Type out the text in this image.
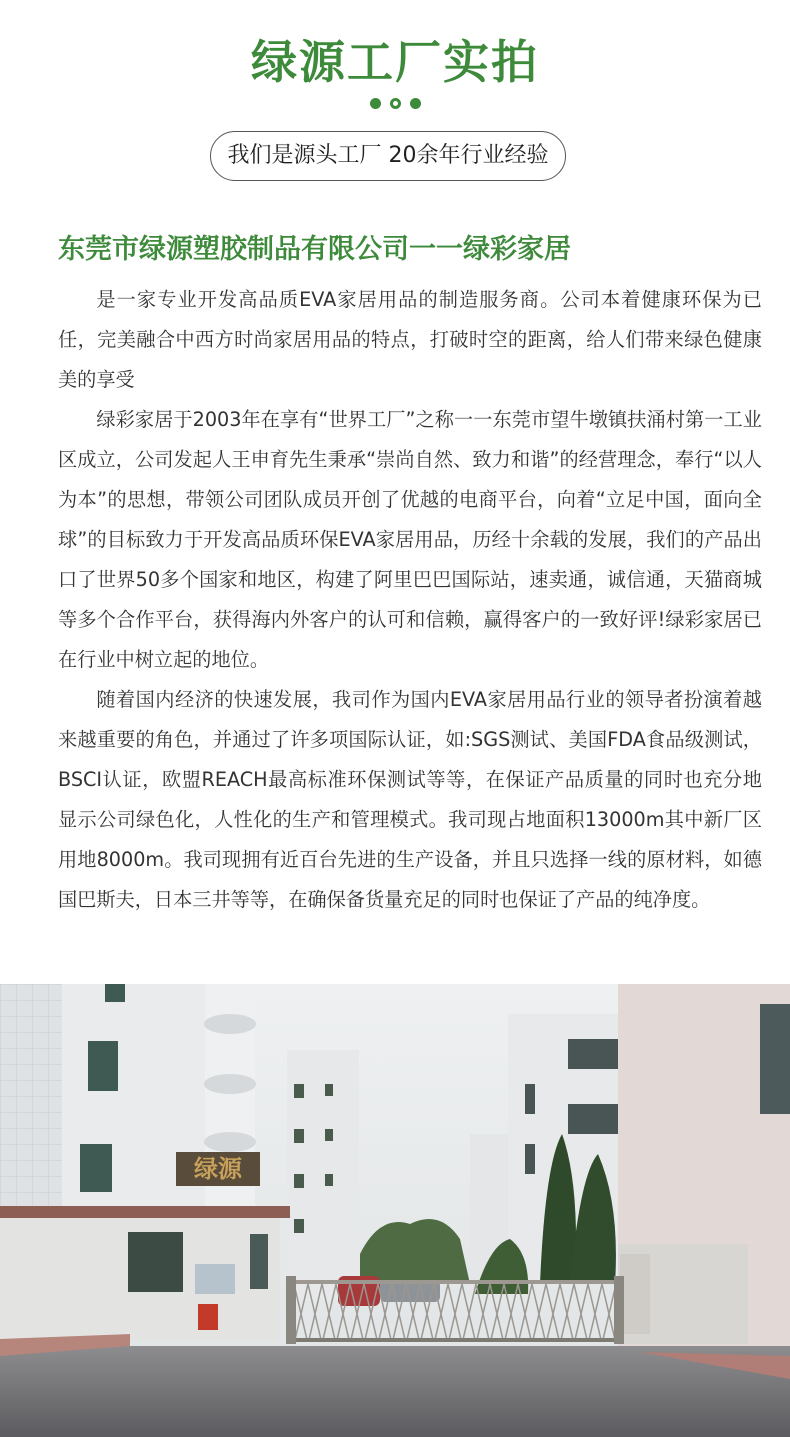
绿源工厂实拍
我们是源头工厂 20余年行业经验
东莞市绿源塑胶制品有限公司一一绿彩家居

是一家专业开发高品质EVA家居用品的制造服务商。公司本着健康环保为已任，完美融合中西方时尚家居用品的特点，打破时空的距离，给人们带来绿色健康美的享受

绿彩家居于2003年在享有“世界工厂”之称一一东莞市望牛墩镇扶涌村第一工业区成立，公司发起人王申育先生秉承“崇尚自然、致力和谐”的经营理念，奉行“以人为本”的思想，带领公司团队成员开创了优越的电商平台，向着“立足中国，面向全球”的目标致力于开发高品质环保EVA家居用品，历经十余载的发展，我们的产品出口了世界50多个国家和地区，构建了阿里巴巴国际站，速卖通，诚信通，天猫商城等多个合作平台，获得海内外客户的认可和信赖，赢得客户的一致好评!绿彩家居已在行业中树立起的地位。

随着国内经济的快速发展，我司作为国内EVA家居用品行业的领导者扮演着越来越重要的角色，并通过了许多项国际认证，如:SGS测试、美国FDA食品级测试，BSCI认证，欧盟REACH最高标准环保测试等等，在保证产品质量的同时也充分地显示公司绿色化，人性化的生产和管理模式。我司现占地面积13000m其中新厂区用地8000m。我司现拥有近百台先进的生产设备，并且只选择一线的原材料，如德国巴斯夫，日本三井等等，在确保备货量充足的同时也保证了产品的纯净度。

绿源
